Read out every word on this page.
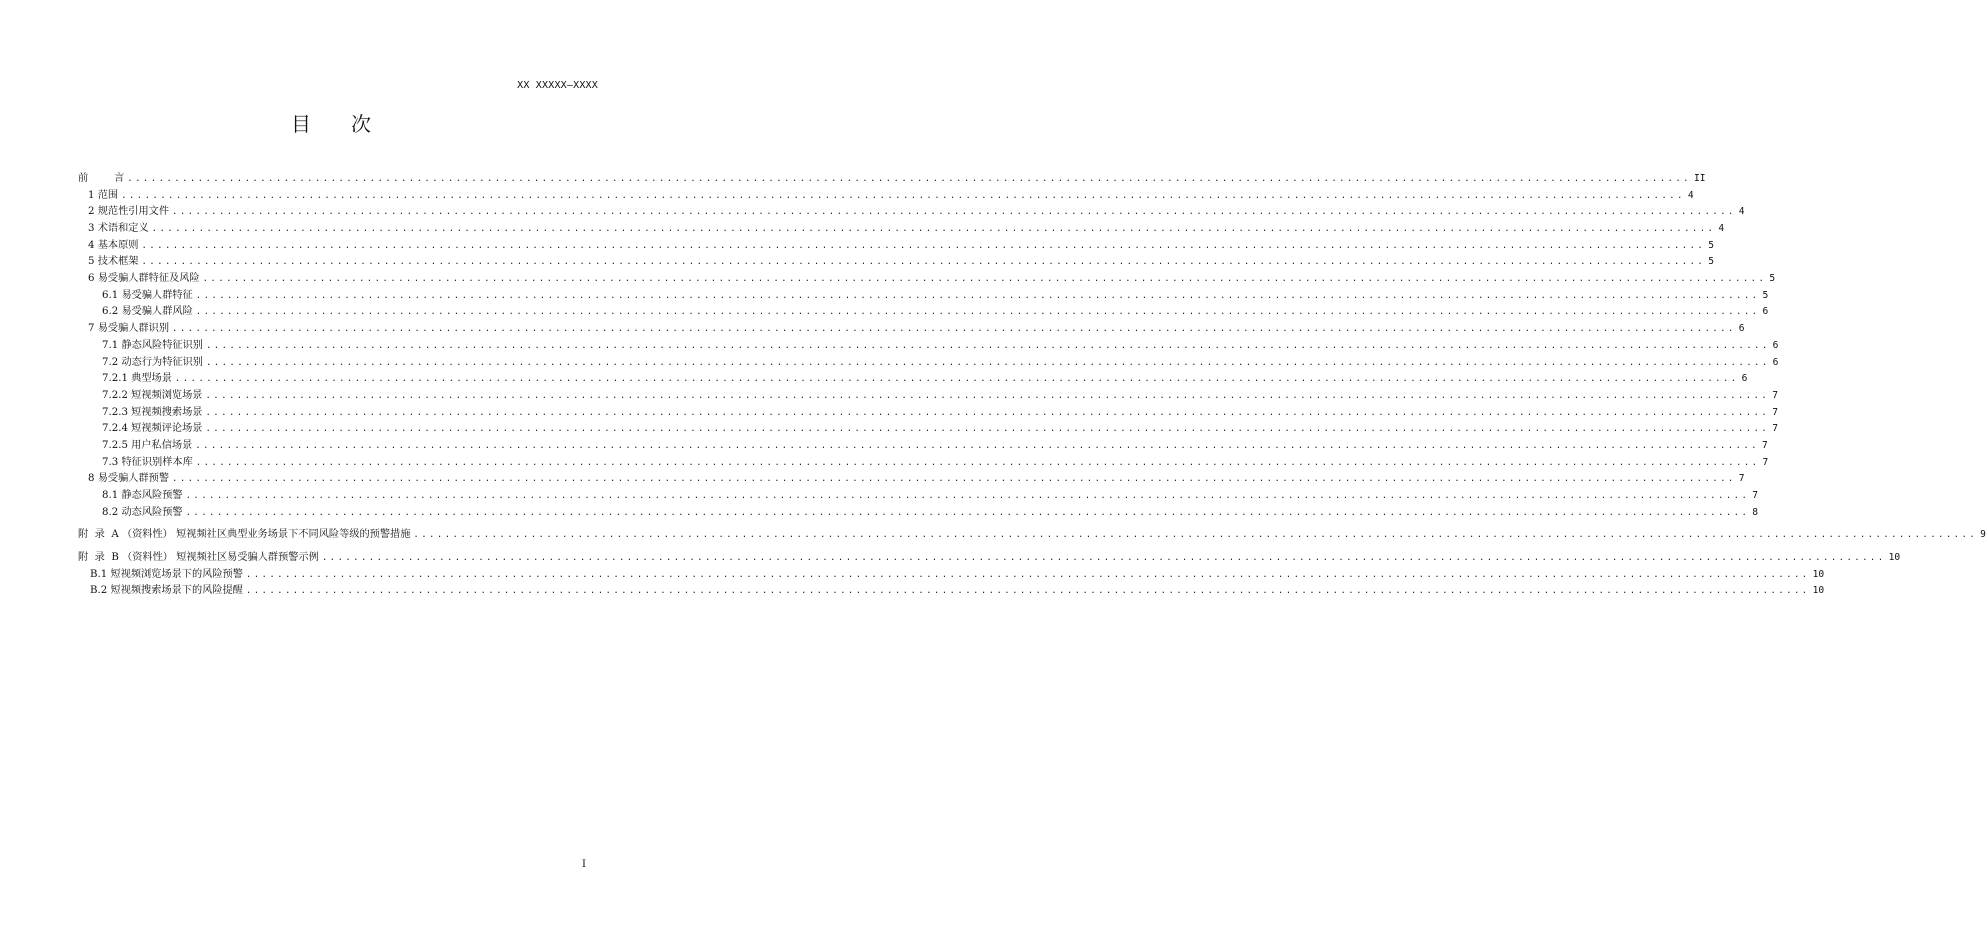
XX XXXXX—XXXX
目 次
前        言 ........................................................................................................................................................................................................ II
1 范围 ........................................................................................................................................................................................................ 4
2 规范性引用文件 ........................................................................................................................................................................................................ 4
3 术语和定义 ........................................................................................................................................................................................................ 4
4 基本原则 ........................................................................................................................................................................................................ 5
5 技术框架 ........................................................................................................................................................................................................ 5
6 易受骗人群特征及风险 ........................................................................................................................................................................................................ 5
6.1 易受骗人群特征 ........................................................................................................................................................................................................ 5
6.2 易受骗人群风险 ........................................................................................................................................................................................................ 6
7 易受骗人群识别 ........................................................................................................................................................................................................ 6
7.1 静态风险特征识别 ........................................................................................................................................................................................................ 6
7.2 动态行为特征识别 ........................................................................................................................................................................................................ 6
7.2.1 典型场景 ........................................................................................................................................................................................................ 6
7.2.2 短视频浏览场景 ........................................................................................................................................................................................................ 7
7.2.3 短视频搜索场景 ........................................................................................................................................................................................................ 7
7.2.4 短视频评论场景 ........................................................................................................................................................................................................ 7
7.2.5 用户私信场景 ........................................................................................................................................................................................................ 7
7.3 特征识别样本库 ........................................................................................................................................................................................................ 7
8 易受骗人群预警 ........................................................................................................................................................................................................ 7
8.1 静态风险预警 ........................................................................................................................................................................................................ 7
8.2 动态风险预警 ........................................................................................................................................................................................................ 8
附  录  A （资料性） 短视频社区典型业务场景下不同风险等级的预警措施 ........................................................................................................................................................................................................ 9
附  录  B （资料性） 短视频社区易受骗人群预警示例 ........................................................................................................................................................................................................ 10
B.1 短视频浏览场景下的风险预警 ........................................................................................................................................................................................................ 10
B.2 短视频搜索场景下的风险提醒 ........................................................................................................................................................................................................ 10
I
